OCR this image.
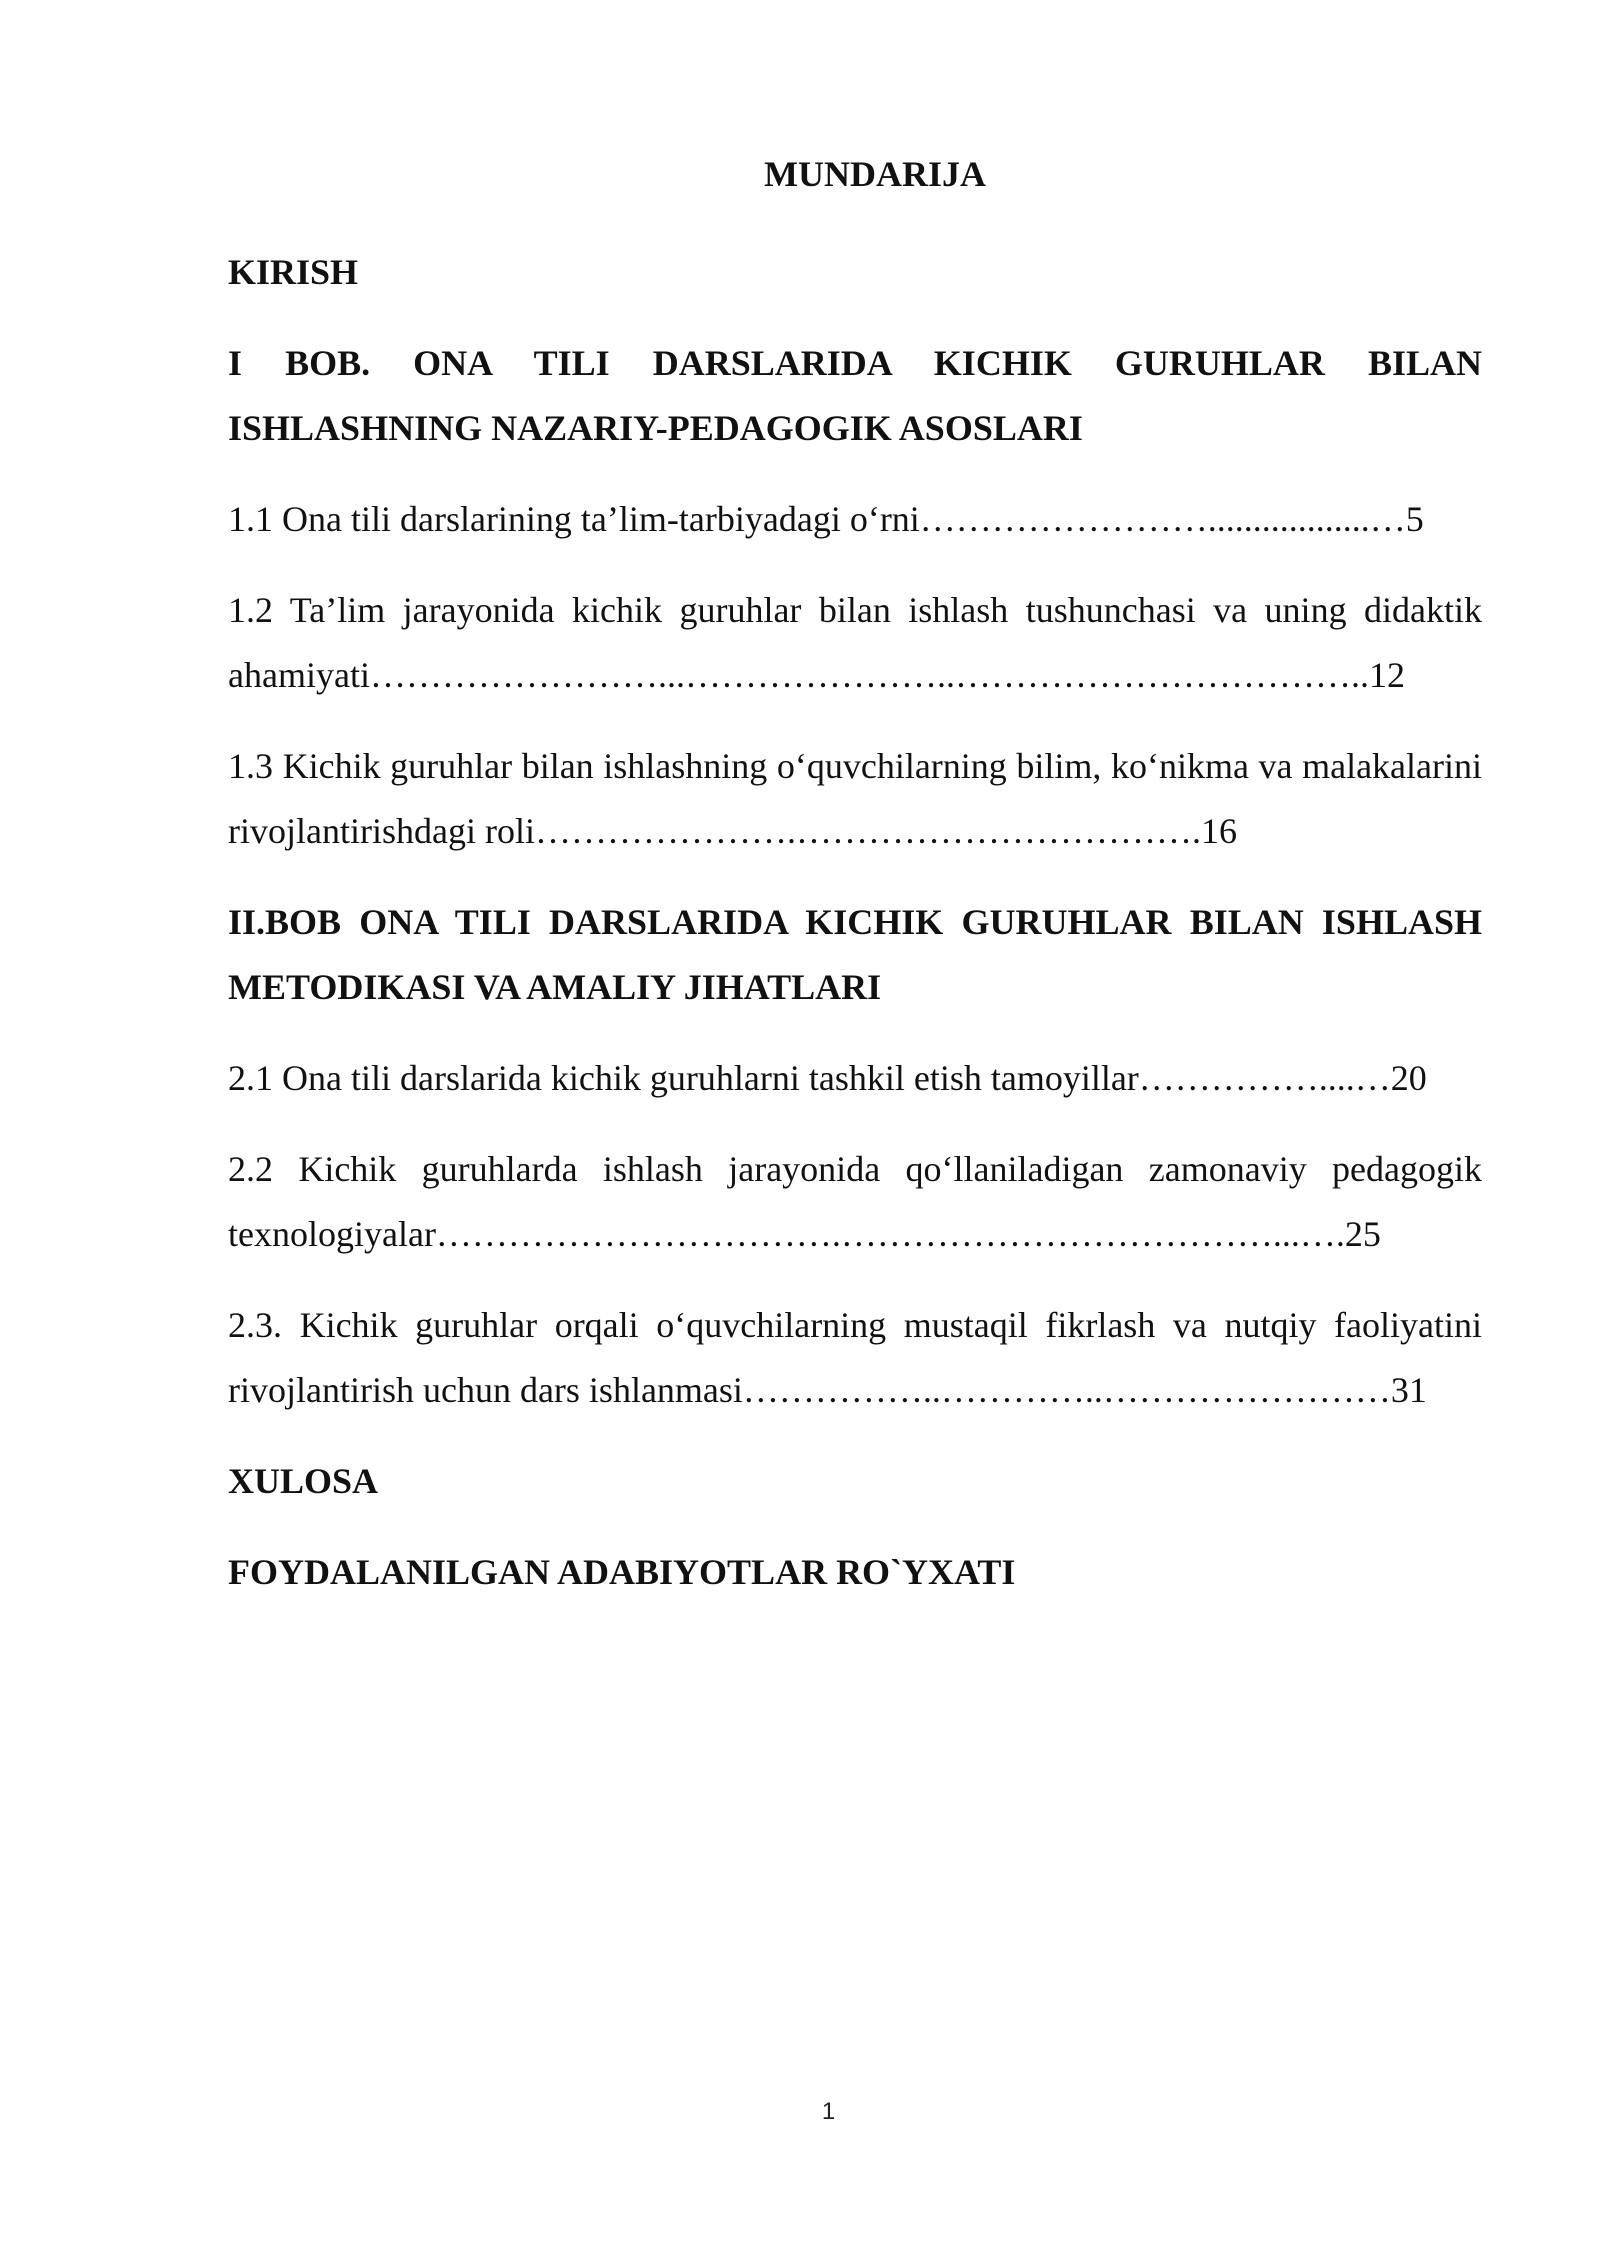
MUNDARIJA
KIRISH
I BOB. ONA TILI DARSLARIDA KICHIK GURUHLAR BILAN ISHLASHNING NAZARIY-PEDAGOGIK ASOSLARI
1.1 Ona tili darslarining ta’lim-tarbiyadagi o‘rni……………………..................…5
1.2 Ta’lim jarayonida kichik guruhlar bilan ishlash tushunchasi va uning didaktik ahamiyati……………………...…………………..……………………………..12
1.3 Kichik guruhlar bilan ishlashning o‘quvchilarning bilim, ko‘nikma va malakalarini rivojlantirishdagi roli………………….…………………………….16
II.BOB ONA TILI DARSLARIDA KICHIK GURUHLAR BILAN ISHLASH METODIKASI VA AMALIY JIHATLARI
2.1 Ona tili darslarida kichik guruhlarni tashkil etish tamoyillar……………....…20
2.2 Kichik guruhlarda ishlash jarayonida qo‘llaniladigan zamonaviy pedagogik texnologiyalar…………………………….………………………………...….25
2.3. Kichik guruhlar orqali o‘quvchilarning mustaqil fikrlash va nutqiy faoliyatini rivojlantirish uchun dars ishlanmasi……………..…………..……………………31
XULOSA
FOYDALANILGAN ADABIYOTLAR RO`YXATI
1
